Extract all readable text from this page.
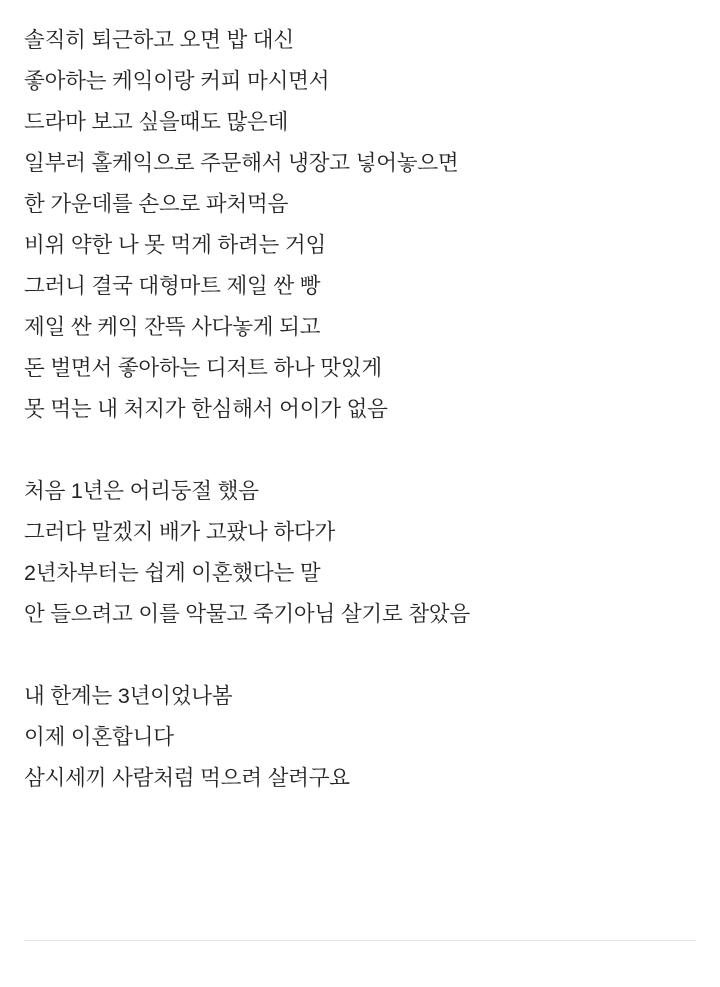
솔직히 퇴근하고 오면 밥 대신
좋아하는 케익이랑 커피 마시면서
드라마 보고 싶을때도 많은데
일부러 홀케익으로 주문해서 냉장고 넣어놓으면
한 가운데를 손으로 파처먹음
비위 약한 나 못 먹게 하려는 거임
그러니 결국 대형마트 제일 싼 빵
제일 싼 케익 잔뜩 사다놓게 되고
돈 벌면서 좋아하는 디저트 하나 맛있게
못 먹는 내 처지가 한심해서 어이가 없음
처음 1년은 어리둥절 했음
그러다 말겠지 배가 고팠나 하다가
2년차부터는 쉽게 이혼했다는 말
안 들으려고 이를 악물고 죽기아님 살기로 참았음
내 한계는 3년이었나봄
이제 이혼합니다
삼시세끼 사람처럼 먹으려 살려구요
